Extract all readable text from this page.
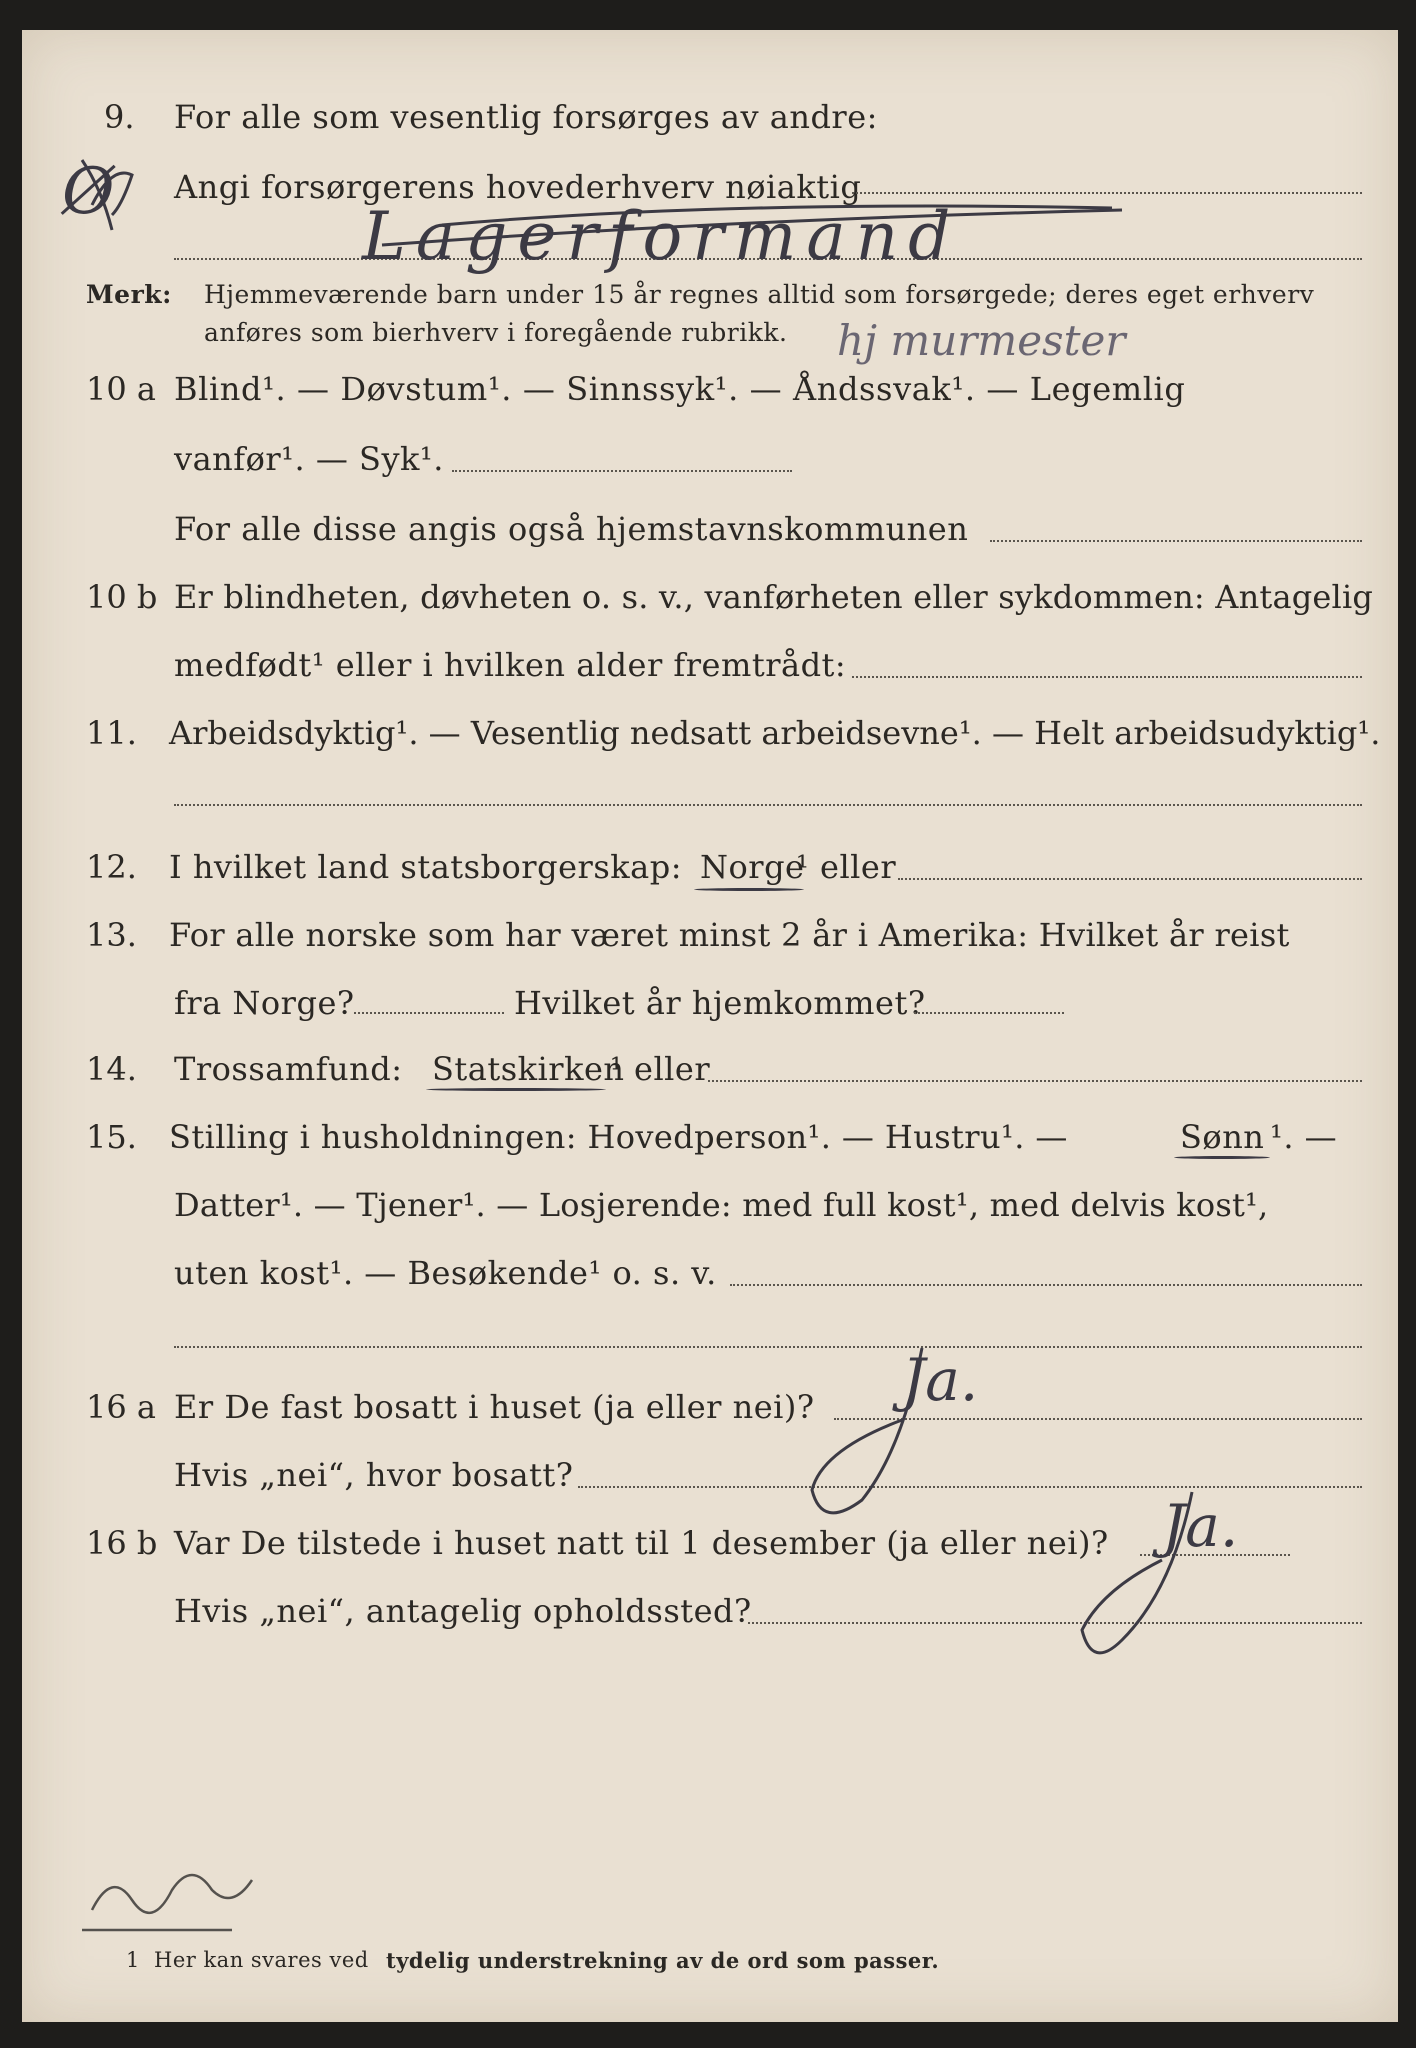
9. For alle som vesentlig forsørges av andre:
Ø Angi forsørgerens hovederhverv nøiaktig
Lagerformand
Merk: Hjemmeværende barn under 15 år regnes alltid som forsørgede; deres eget erhverv
anføres som bierhverv i foregående rubrikk. hj murmester
10 a Blind¹. — Døvstum¹. — Sinnssyk¹. — Åndssvak¹. — Legemlig
vanfør¹. — Syk¹.
For alle disse angis også hjemstavnskommunen
10 b Er blindheten, døvheten o. s. v., vanførheten eller sykdommen: Antagelig
medfødt¹ eller i hvilken alder fremtrådt:
11. Arbeidsdyktig¹. — Vesentlig nedsatt arbeidsevne¹. — Helt arbeidsudyktig¹.
12. I hvilket land statsborgerskap: Norge
¹ eller
13. For alle norske som har været minst 2 år i Amerika: Hvilket år reist
fra Norge?	Hvilket år hjemkommet?
14. Trossamfund: Statskirken
¹ eller
15. Stilling i husholdningen: Hovedperson¹. — Hustru¹. —	Sønn ¹. —
Datter¹. — Tjener¹. — Losjerende: med full kost¹, med delvis kost¹,
uten kost¹. — Besøkende¹ o. s. v.
16 a Er De fast bosatt i huset (ja eller nei)? Ja.
Hvis „nei“, hvor bosatt?
16 b Var De tilstede i huset natt til 1 desember (ja eller nei)? Ja.
Hvis „nei“, antagelig opholdssted?
1 Her kan svares ved tydelig understrekning av de ord som passer.
